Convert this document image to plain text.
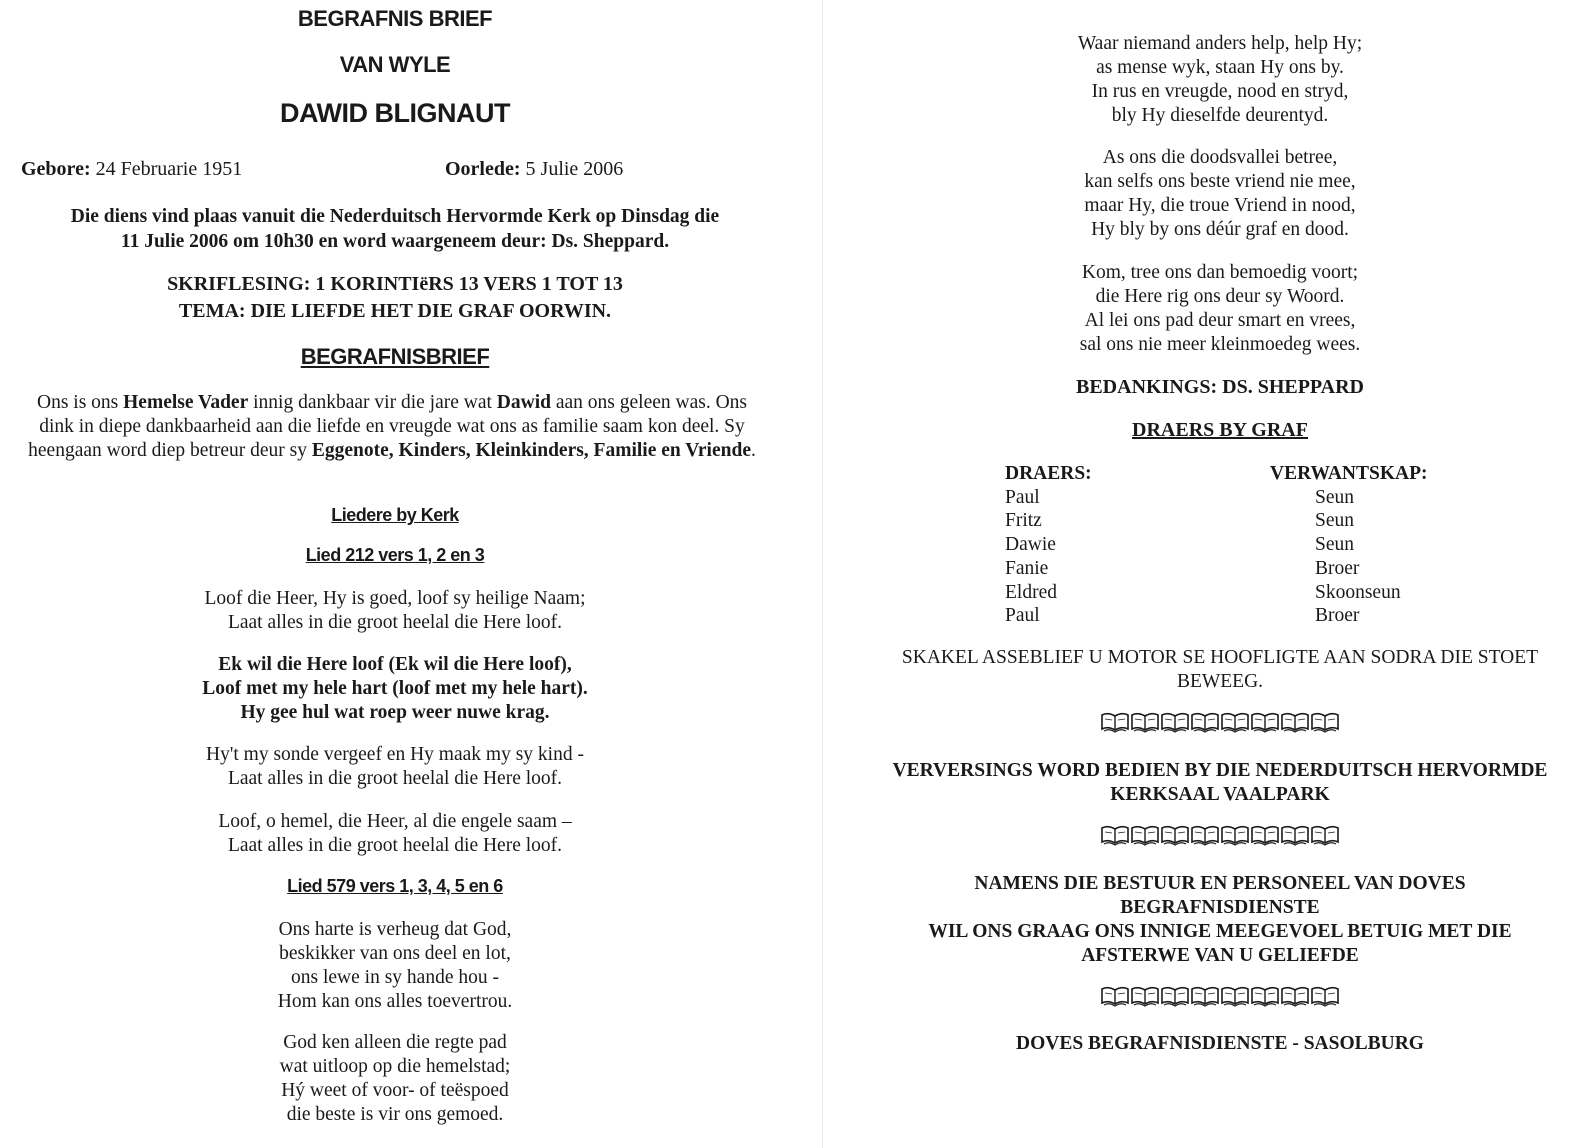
BEGRAFNIS BRIEF
VAN WYLE
DAWID BLIGNAUT
Gebore: 24 Februarie 1951	Oorlede: 5 Julie 2006
Die diens vind plaas vanuit die Nederduitsch Hervormde Kerk op Dinsdag die
11 Julie 2006 om 10h30 en word waargeneem deur: Ds. Sheppard.
SKRIFLESING: 1 KORINTIëRS 13 VERS 1 TOT 13
TEMA: DIE LIEFDE HET DIE GRAF OORWIN.
BEGRAFNISBRIEF
Ons is ons Hemelse Vader innig dankbaar vir die jare wat Dawid aan ons geleen was. Ons dink in diepe dankbaarheid aan die liefde en vreugde wat ons as familie saam kon deel. Sy heengaan word diep betreur deur sy Eggenote, Kinders, Kleinkinders, Familie en Vriende.
Liedere by Kerk
Lied 212 vers 1, 2 en 3
Loof die Heer, Hy is goed, loof sy heilige Naam;
Laat alles in die groot heelal die Here loof.
Ek wil die Here loof (Ek wil die Here loof),
Loof met my hele hart (loof met my hele hart).
Hy gee hul wat roep weer nuwe krag.
Hy't my sonde vergeef en Hy maak my sy kind -
Laat alles in die groot heelal die Here loof.
Loof, o hemel, die Heer, al die engele saam –
Laat alles in die groot heelal die Here loof.
Lied 579 vers 1, 3, 4, 5 en 6
Ons harte is verheug dat God,
beskikker van ons deel en lot,
ons lewe in sy hande hou -
Hom kan ons alles toevertrou.
God ken alleen die regte pad
wat uitloop op die hemelstad;
Hý weet of voor- of teëspoed
die beste is vir ons gemoed.
Waar niemand anders help, help Hy;
as mense wyk, staan Hy ons by.
In rus en vreugde, nood en stryd,
bly Hy dieselfde deurentyd.
As ons die doodsvallei betree,
kan selfs ons beste vriend nie mee,
maar Hy, die troue Vriend in nood,
Hy bly by ons déúr graf en dood.
Kom, tree ons dan bemoedig voort;
die Here rig ons deur sy Woord.
Al lei ons pad deur smart en vrees,
sal ons nie meer kleinmoedeg wees.
BEDANKINGS: DS. SHEPPARD
DRAERS BY GRAF
DRAERS:
Paul
Fritz
Dawie
Fanie
Eldred
Paul
VERWANTSKAP:
Seun
Seun
Seun
Broer
Skoonseun
Broer
SKAKEL ASSEBLIEF U MOTOR SE HOOFLIGTE AAN SODRA DIE STOET
BEWEEG.
VERVERSINGS WORD BEDIEN BY DIE NEDERDUITSCH HERVORMDE
KERKSAAL VAALPARK
NAMENS DIE BESTUUR EN PERSONEEL VAN DOVES
BEGRAFNISDIENSTE
WIL ONS GRAAG ONS INNIGE MEEGEVOEL BETUIG MET DIE
AFSTERWE VAN U GELIEFDE
DOVES BEGRAFNISDIENSTE - SASOLBURG
